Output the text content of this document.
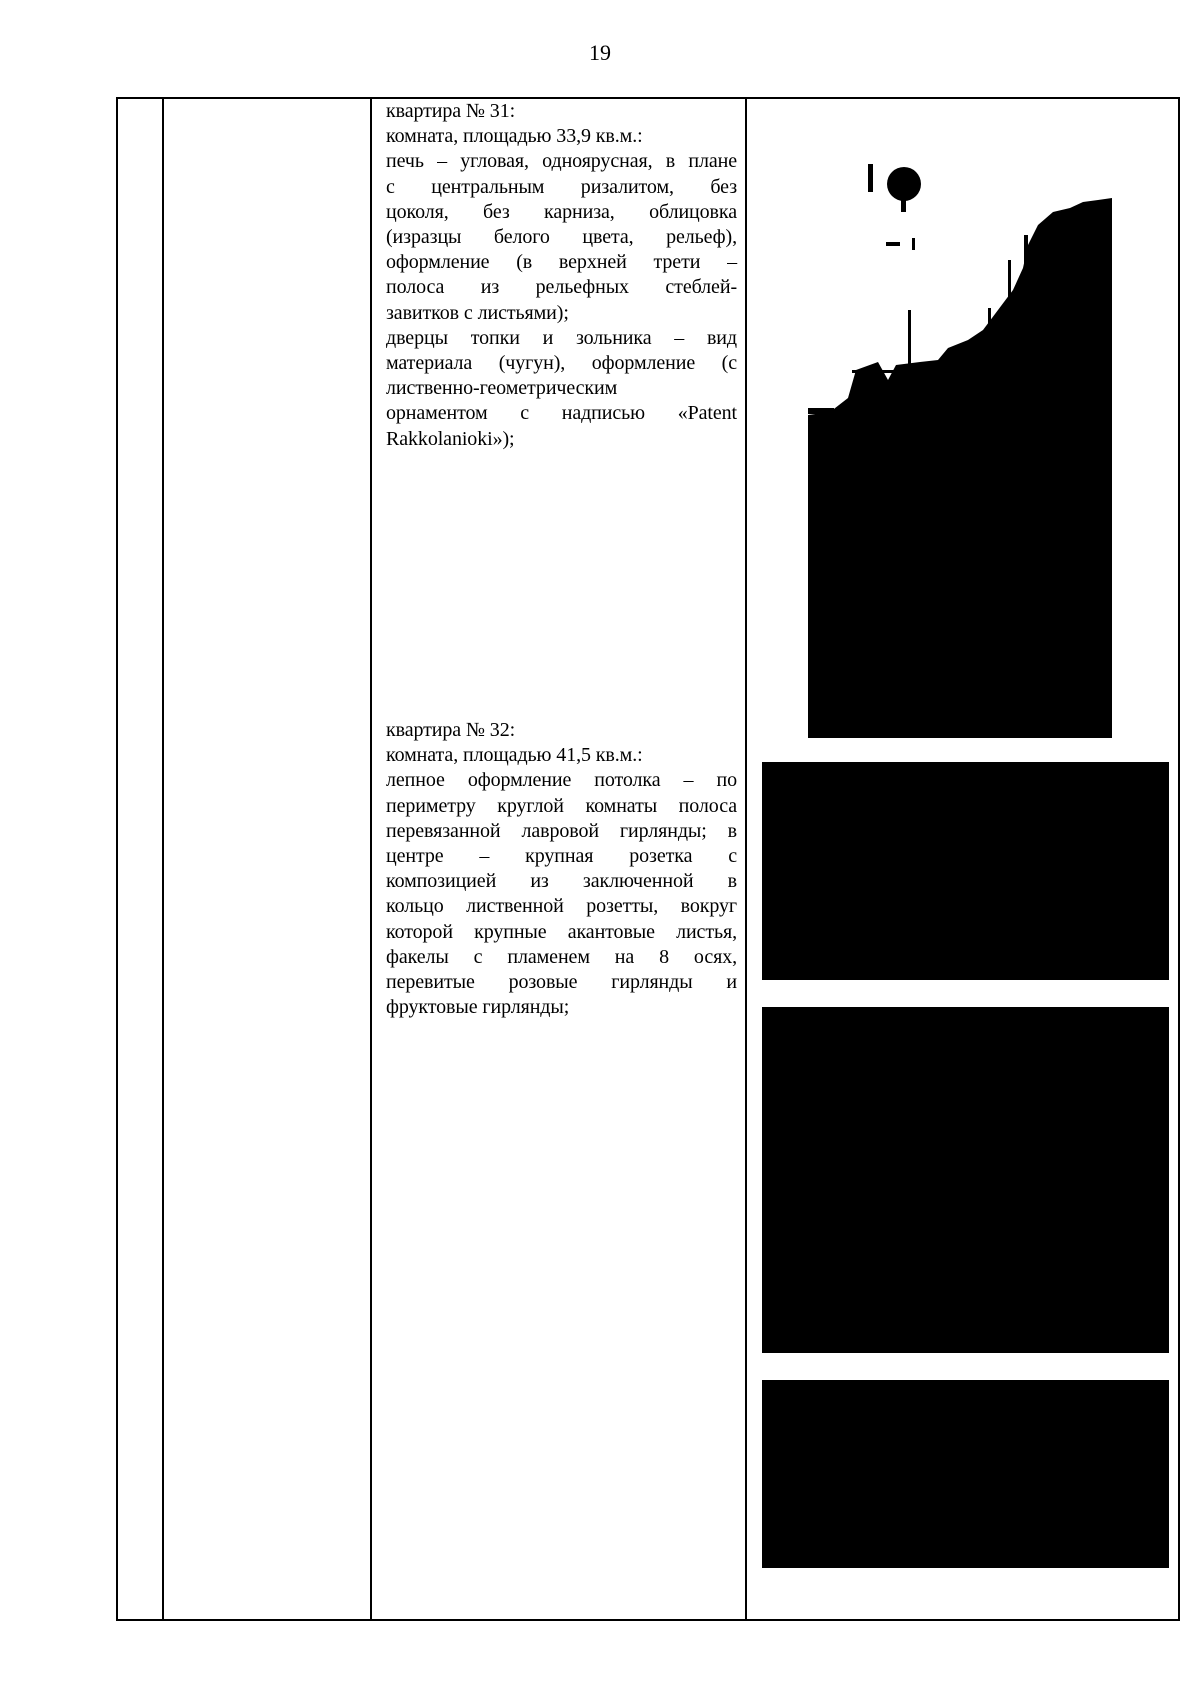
19
квартира № 31:
комната, площадью 33,9 кв.м.:
печь – угловая, одноярусная, в плане
с центральным ризалитом, без
цоколя, без карниза, облицовка
(изразцы белого цвета, рельеф),
оформление (в верхней трети –
полоса из рельефных стеблей-
завитков с листьями);
дверцы топки и зольника – вид
материала (чугун), оформление (с
лиственно-геометрическим
орнаментом с надписью «Patent
Rakkolanioki»);
квартира № 32:
комната, площадью 41,5 кв.м.:
лепное оформление потолка – по
периметру круглой комнаты полоса
перевязанной лавровой гирлянды; в
центре – крупная розетка с
композицией из заключенной в
кольцо лиственной розетты, вокруг
которой крупные акантовые листья,
факелы с пламенем на 8 осях,
перевитые розовые гирлянды и
фруктовые гирлянды;
